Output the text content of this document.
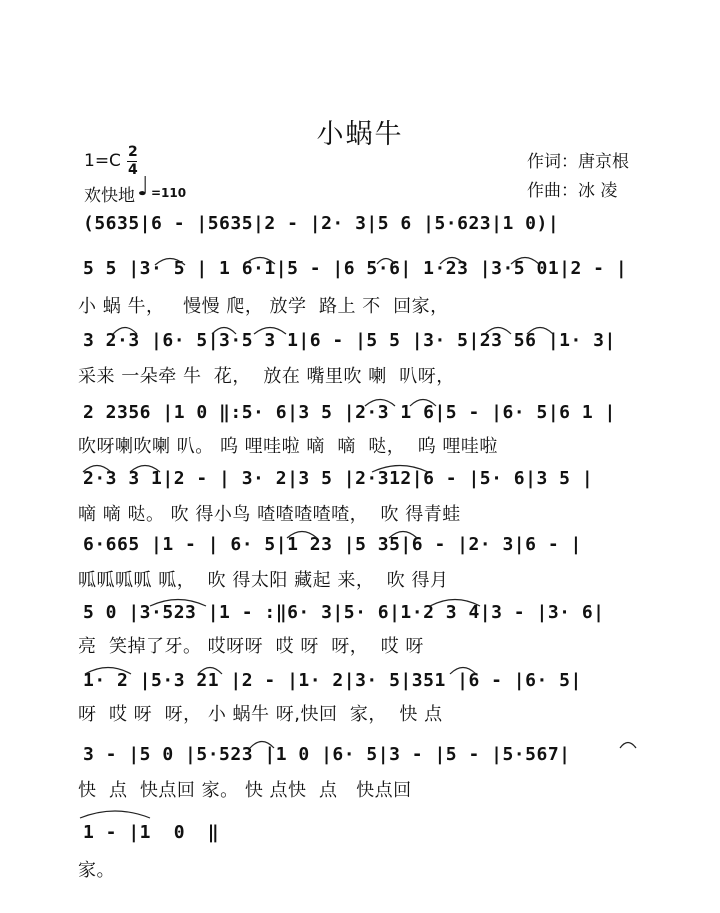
小蜗牛
1=C 2
4
欢快地 ♩ =110
作词：唐京根
作曲：冰 凌
(5635|6 - |5635|2 - |2· 3|5 6 |5·623|1 0)|
5 5 |3· 5 | 1 6·1|5 - |6 5·6| 1·23 |3·5 01|2 - |
小 蜗 牛，   慢慢 爬， 放学  路上 不  回家，
3 2·3 |6· 5|3·5 3 1|6 - |5 5 |3· 5|23 56 |1· 3|
采来 一朵牵 牛  花，  放在 嘴里吹 喇  叭呀，
2 2356 |1 0 ‖:5· 6|3 5 |2·3 1 6|5 - |6· 5|6 1 |
吹呀喇吹喇 叭。 呜 哩哇啦 嘀  嘀  哒，  呜 哩哇啦
2·3 3 1|2 - | 3· 2|3 5 |2·312|6 - |5· 6|3 5 |
嘀 嘀 哒。 吹 得小鸟 喳喳喳喳喳，  吹 得青蛙
6·665 |1 - | 6· 5|1 23 |5 35|6 - |2· 3|6 - |
呱呱呱呱 呱，  吹 得太阳 藏起 来，  吹 得月
5 0 |3·523 |1 - :‖6· 3|5· 6|1·2 3 4|3 - |3· 6|
亮  笑掉了牙。 哎呀呀  哎 呀  呀，  哎 呀
1· 2 |5·3 21 |2 - |1· 2|3· 5|351 |6 - |6· 5|
呀  哎 呀  呀， 小 蜗牛 呀,快回  家，  快 点
3 - |5 0 |5·523 |1 0 |6· 5|3 - |5 - |5·567|
快  点  快点回 家。 快 点快  点   快点回
1 - |1  0  ‖
家。
